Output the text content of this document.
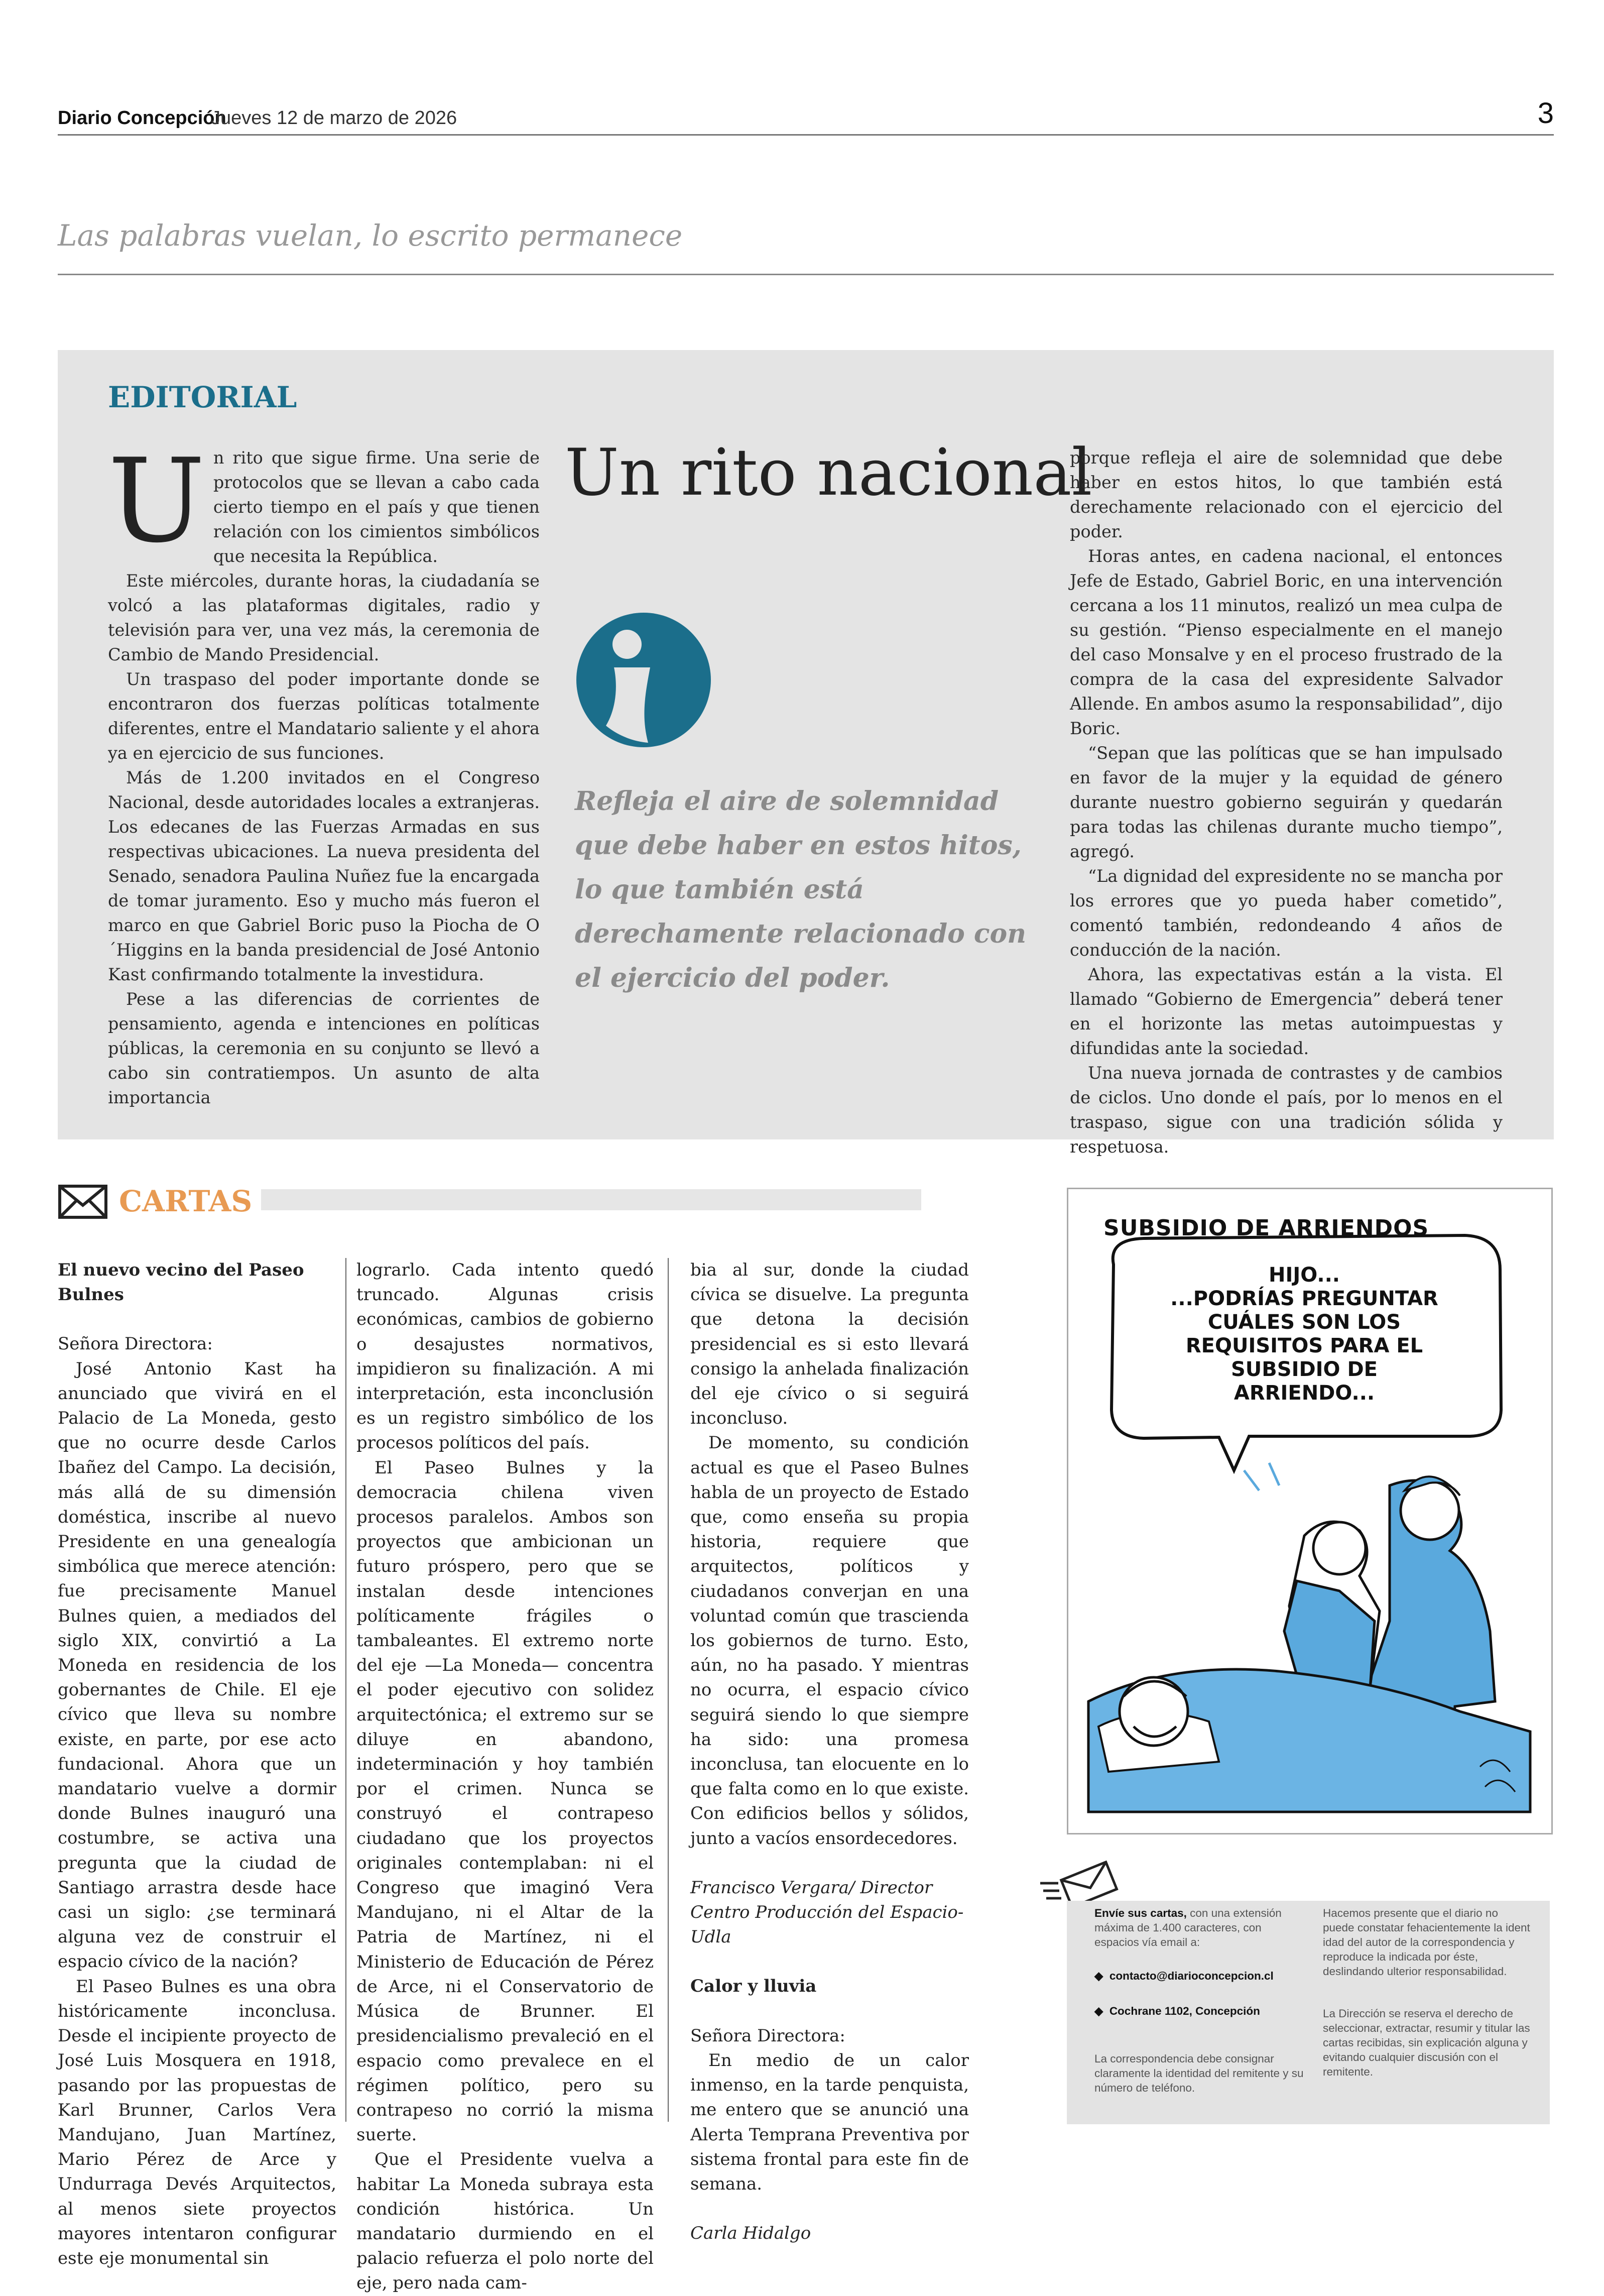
Diario Concepción
Jueves 12 de marzo de 2026	3
Las palabras vuelan, lo escrito permanece
EDITORIAL

Un rito que sigue firme. Una serie de protocolos que se llevan a cabo cada cierto tiempo en el país y que tienen relación con los cimientos simbólicos que necesita la República.

Este miércoles, durante horas, la ciudadanía se volcó a las plataformas digitales, radio y televisión para ver, una vez más, la ceremonia de Cambio de Mando Presidencial.

Un traspaso del poder importante donde se encontraron dos fuerzas políticas totalmente diferentes, entre el Mandatario saliente y el ahora ya en ejercicio de sus funciones.

Más de 1.200 invitados en el Congreso Nacional, desde autoridades locales a extranjeras. Los edecanes de las Fuerzas Armadas en sus respectivas ubicaciones. La nueva presidenta del Senado, senadora Paulina Nuñez fue la encargada de tomar juramento. Eso y mucho más fueron el marco en que Gabriel Boric puso la Piocha de O´Higgins en la banda presidencial de José Antonio Kast confirmando totalmente la investidura.

Pese a las diferencias de corrientes de pensamiento, agenda e intenciones en políticas públicas, la ceremonia en su conjunto se llevó a cabo sin contratiempos. Un asunto de alta importancia

Un rito nacional
Refleja el aire de solemnidad que debe haber en estos hitos, lo que también está derechamente relacionado con el ejercicio del poder.

porque refleja el aire de solemnidad que debe haber en estos hitos, lo que también está derechamente relacionado con el ejercicio del poder.

Horas antes, en cadena nacional, el entonces Jefe de Estado, Gabriel Boric, en una intervención cercana a los 11 minutos, realizó un mea culpa de su gestión. “Pienso especialmente en el manejo del caso Monsalve y en el proceso frustrado de la compra de la casa del expresidente Salvador Allende. En ambos asumo la responsabilidad”, dijo Boric.

“Sepan que las políticas que se han impulsado en favor de la mujer y la equidad de género durante nuestro gobierno seguirán y quedarán para todas las chilenas durante mucho tiempo”, agregó.

“La dignidad del expresidente no se mancha por los errores que yo pueda haber cometido”, comentó también, redondeando 4 años de conducción de la nación.

Ahora, las expectativas están a la vista. El llamado “Gobierno de Emergencia” deberá tener en el horizonte las metas autoimpuestas y difundidas ante la sociedad.

Una nueva jornada de contrastes y de cambios de ciclos. Uno donde el país, por lo menos en el traspaso, sigue con una tradición sólida y respetuosa.

CARTAS

El nuevo vecino del Paseo Bulnes

Señora Directora:

José Antonio Kast ha anunciado que vivirá en el Palacio de La Moneda, gesto que no ocurre desde Carlos Ibañez del Campo. La decisión, más allá de su dimensión doméstica, inscribe al nuevo Presidente en una genealogía simbólica que merece atención: fue precisamente Manuel Bulnes quien, a mediados del siglo XIX, convirtió a La Moneda en residencia de los gobernantes de Chile. El eje cívico que lleva su nombre existe, en parte, por ese acto fundacional. Ahora que un mandatario vuelve a dormir donde Bulnes inauguró una costumbre, se activa una pregunta que la ciudad de Santiago arrastra desde hace casi un siglo: ¿se terminará alguna vez de construir el espacio cívico de la nación?

El Paseo Bulnes es una obra históricamente inconclusa. Desde el incipiente proyecto de José Luis Mosquera en 1918, pasando por las propuestas de Karl Brunner, Carlos Vera Mandujano, Juan Martínez, Mario Pérez de Arce y Undurraga Devés Arquitectos, al menos siete proyectos mayores intentaron configurar este eje monumental sin

lograrlo. Cada intento quedó truncado. Algunas crisis económicas, cambios de gobierno o desajustes normativos, impidieron su finalización. A mi interpretación, esta inconclusión es un registro simbólico de los procesos políticos del país.

El Paseo Bulnes y la democracia chilena viven procesos paralelos. Ambos son proyectos que ambicionan un futuro próspero, pero que se instalan desde intenciones políticamente frágiles o tambaleantes. El extremo norte del eje —La Moneda— concentra el poder ejecutivo con solidez arquitectónica; el extremo sur se diluye en abandono, indeterminación y hoy también por el crimen. Nunca se construyó el contrapeso ciudadano que los proyectos originales contemplaban: ni el Congreso que imaginó Vera Mandujano, ni el Altar de la Patria de Martínez, ni el Ministerio de Educación de Pérez de Arce, ni el Conservatorio de Música de Brunner. El presidencialismo prevaleció en el espacio como prevalece en el régimen político, pero su contrapeso no corrió la misma suerte.

Que el Presidente vuelva a habitar La Moneda subraya esta condición histórica. Un mandatario durmiendo en el palacio refuerza el polo norte del eje, pero nada cam-

bia al sur, donde la ciudad cívica se disuelve. La pregunta que detona la decisión presidencial es si esto llevará consigo la anhelada finalización del eje cívico o si seguirá inconcluso.

De momento, su condición actual es que el Paseo Bulnes habla de un proyecto de Estado que, como enseña su propia historia, requiere que arquitectos, políticos y ciudadanos converjan en una voluntad común que trascienda los gobiernos de turno. Esto, aún, no ha pasado. Y mientras no ocurra, el espacio cívico seguirá siendo lo que siempre ha sido: una promesa inconclusa, tan elocuente en lo que falta como en lo que existe. Con edificios bellos y sólidos, junto a vacíos ensordecedores.

Francisco Vergara/ Director Centro Producción del Espacio- Udla

Calor y lluvia

Señora Directora:

En medio de un calor inmenso, en la tarde penquista, me entero que se anunció una Alerta Temprana Preventiva por sistema frontal para este fin de semana.

Carla Hidalgo

SUBSIDIO DE ARRIENDOS
HIJO...
...PODRÍAS PREGUNTAR
CUÁLES SON LOS
REQUISITOS PARA EL
SUBSIDIO DE
ARRIENDO...
Envíe sus cartas, con una extensión máxima de 1.400 caracteres, con espacios vía email a:
◆  contacto@diarioconcepcion.cl
◆  Cochrane 1102, Concepción
La correspondencia debe consignar claramente la identidad del remitente y su número de teléfono.
Hacemos presente que el diario no puede constatar fehacientemente la ident idad del autor de la correspondencia y reproduce la indicada por éste, deslindando ulterior responsabilidad.
La Dirección se reserva el derecho de seleccionar, extractar, resumir y titular las cartas recibidas, sin explicación alguna y evitando cualquier discusión con el remitente.
